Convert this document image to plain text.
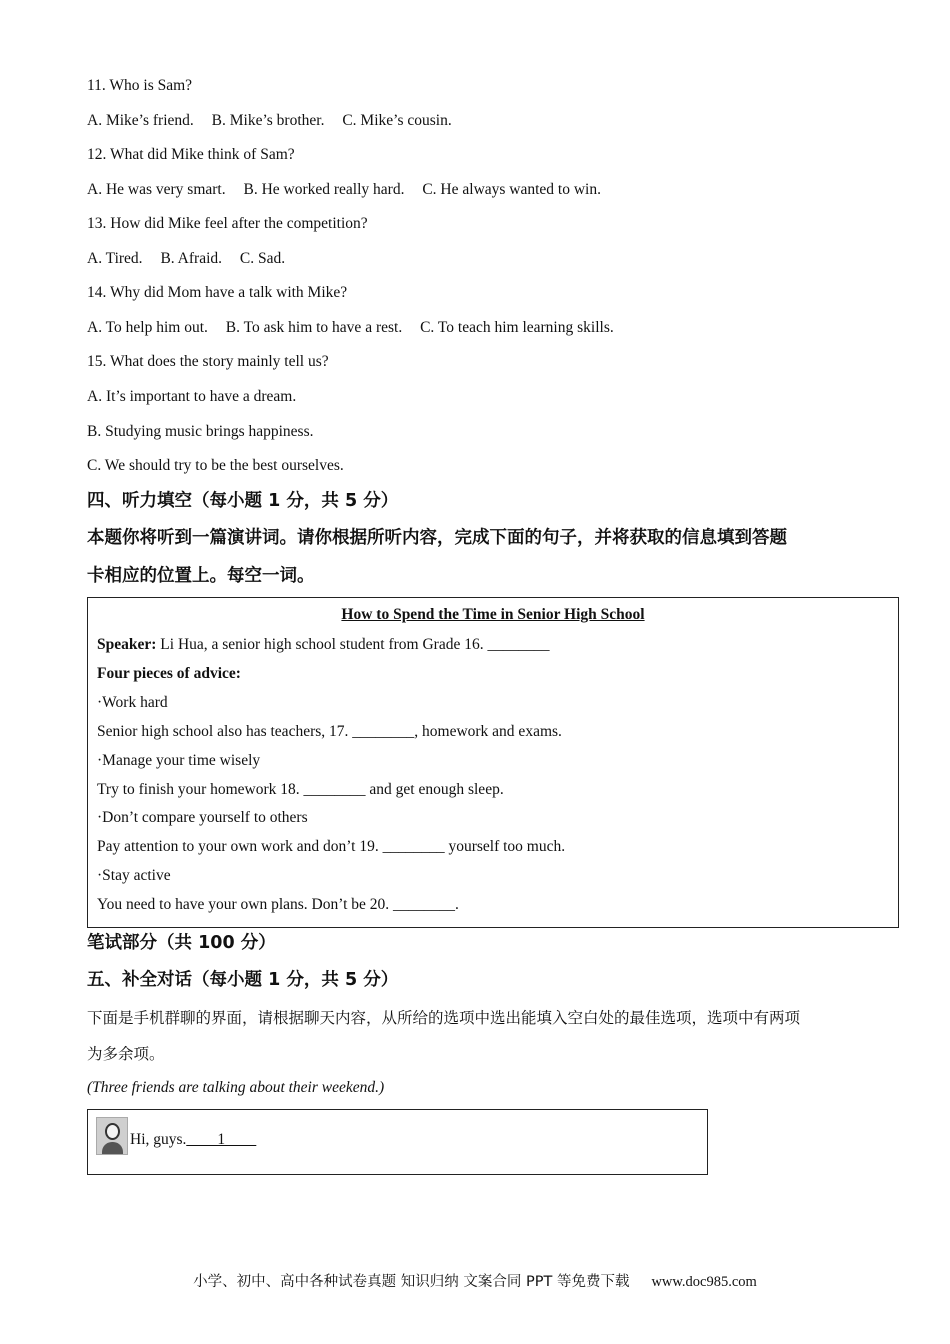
11. Who is Sam?
A. Mike’s friend. B. Mike’s brother. C. Mike’s cousin.
12. What did Mike think of Sam?
A. He was very smart. B. He worked really hard. C. He always wanted to win.
13. How did Mike feel after the competition?
A. Tired. B. Afraid. C. Sad.
14. Why did Mom have a talk with Mike?
A. To help him out. B. To ask him to have a rest. C. To teach him learning skills.
15. What does the story mainly tell us?
A. It’s important to have a dream.
B. Studying music brings happiness.
C. We should try to be the best ourselves.
四、听力填空（每小题 1 分，共 5 分）
本题你将听到一篇演讲词。请你根据所听内容，完成下面的句子，并将获取的信息填到答题
卡相应的位置上。每空一词。
How to Spend the Time in Senior High School
Speaker: Li Hua, a senior high school student from Grade 16. ________
Four pieces of advice:
·Work hard
Senior high school also has teachers, 17. ________, homework and exams.
·Manage your time wisely
Try to finish your homework 18. ________ and get enough sleep.
·Don’t compare yourself to others
Pay attention to your own work and don’t 19. ________ yourself too much.
·Stay active
You need to have your own plans. Don’t be 20. ________.
笔试部分（共 100 分）
五、补全对话（每小题 1 分，共 5 分）
下面是手机群聊的界面，请根据聊天内容，从所给的选项中选出能填入空白处的最佳选项，选项中有两项
为多余项。
(Three friends are talking about their weekend.)
Hi, guys.____1____
小学、初中、高中各种试卷真题 知识归纳 文案合同 PPT 等免费下载 www.doc985.com
